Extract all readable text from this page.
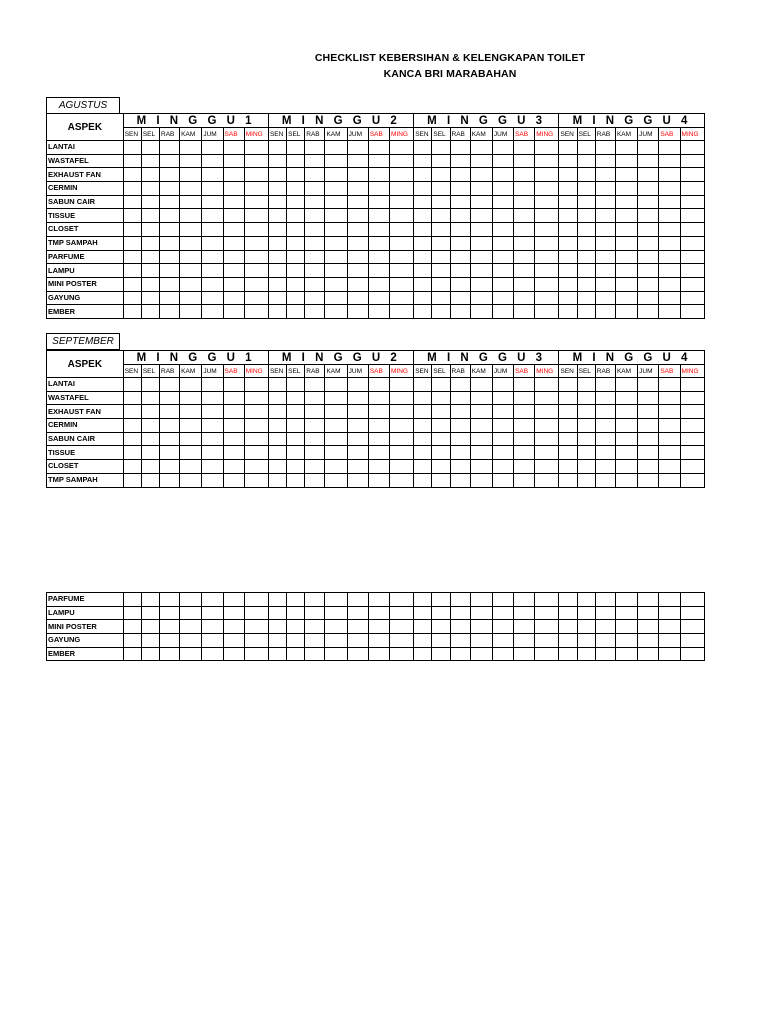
CHECKLIST KEBERSIHAN & KELENGKAPAN TOILET
KANCA BRI MARABAHAN
AGUSTUS
ASPEK	M I N G G U 1							M I N G G U 2							M I N G G U 3							M I N G G U 4						
	SEN	SEL	RAB	KAM	JUM	SAB	MING	SEN	SEL	RAB	KAM	JUM	SAB	MING	SEN	SEL	RAB	KAM	JUM	SAB	MING	SEN	SEL	RAB	KAM	JUM	SAB	MING
LANTAI																												
WASTAFEL																												
EXHAUST FAN																												
CERMIN																												
SABUN CAIR																												
TISSUE																												
CLOSET																												
TMP SAMPAH																												
PARFUME																												
LAMPU																												
MINI POSTER																												
GAYUNG																												
EMBER																												
SEPTEMBER
ASPEK	M I N G G U 1							M I N G G U 2							M I N G G U 3							M I N G G U 4						
	SEN	SEL	RAB	KAM	JUM	SAB	MING	SEN	SEL	RAB	KAM	JUM	SAB	MING	SEN	SEL	RAB	KAM	JUM	SAB	MING	SEN	SEL	RAB	KAM	JUM	SAB	MING
LANTAI																												
WASTAFEL																												
EXHAUST FAN																												
CERMIN																												
SABUN CAIR																												
TISSUE																												
CLOSET																												
TMP SAMPAH																												
PARFUME																												
LAMPU																												
MINI POSTER																												
GAYUNG																												
EMBER																												
